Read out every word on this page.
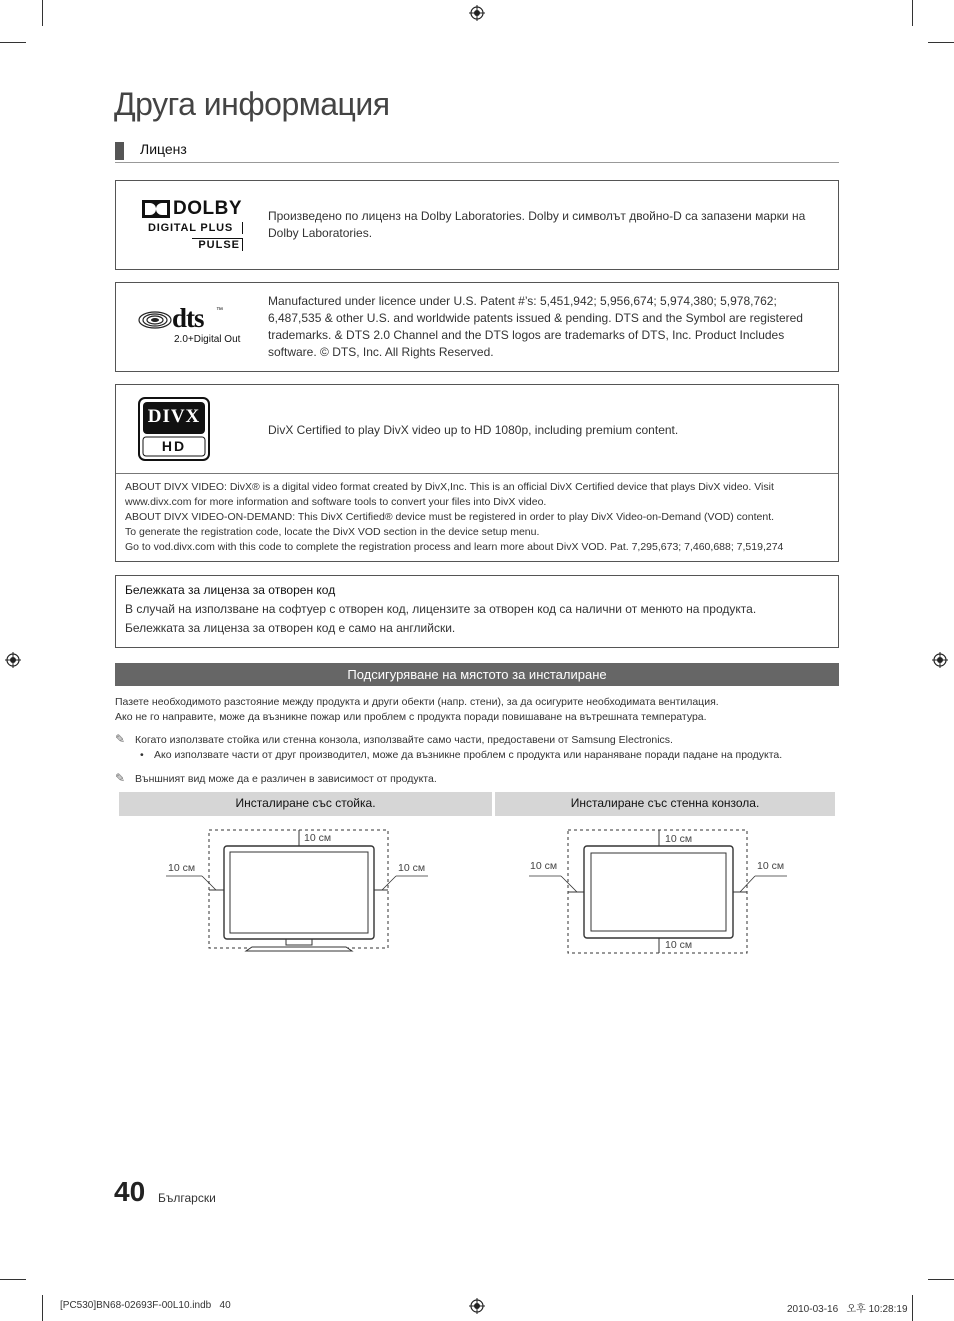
Друга информация
Лиценз
DOLBY
DIGITAL PLUS
PULSE
Произведено по лиценз на Dolby Laboratories. Dolby и символът двойно-D са запазени марки на Dolby Laboratories.
dts ™
2.0+Digital Out
Manufactured under licence under U.S. Patent #’s: 5,451,942; 5,956,674; 5,974,380; 5,978,762; 6,487,535 & other U.S. and worldwide patents issued & pending. DTS and the Symbol are registered trademarks. & DTS 2.0 Channel and the DTS logos are trademarks of DTS, Inc. Product Includes software. © DTS, Inc. All Rights Reserved.
DIVX
HD
DivX Certified to play DivX video up to HD 1080p, including premium content.
ABOUT DIVX VIDEO: DivX® is a digital video format created by DivX,Inc. This is an official DivX Certified device that plays DivX video. Visit www.divx.com for more information and software tools to convert your files into DivX video.
ABOUT DIVX VIDEO-ON-DEMAND: This DivX Certified® device must be registered in order to play DivX Video-on-Demand (VOD) content.
To generate the registration code, locate the DivX VOD section in the device setup menu.
Go to vod.divx.com with this code to complete the registration process and learn more about DivX VOD. Pat. 7,295,673; 7,460,688; 7,519,274
Бележката за лиценза за отворен код
В случай на използване на софтуер с отворен код, лицензите за отворен код са налични от менюто на продукта.
Бележката за лиценза за отворен код е само на английски.
Подсигуряване на мястото за инсталиране
Пазете необходимото разстояние между продукта и други обекти (напр. стени), за да осигурите необходимата вентилация.
Ако не го направите, може да възникне пожар или проблем с продукта поради повишаване на вътрешната температура.
✎ Когато използвате стойка или стенна конзола, използвайте само части, предоставени от Samsung Electronics.
• Ако използвате части от друг производител, може да възникне проблем с продукта или нараняване поради падане на продукта.
✎ Външният вид може да е различен в зависимост от продукта.
Инсталиране със стойка.	Инсталиране със стенна конзола.
10 см
10 см	10 см
10 см
10 см
10 см	10 см
40 Български
[PC530]BN68-02693F-00L10.indb   40	2010-03-16   오후 10:28:19
